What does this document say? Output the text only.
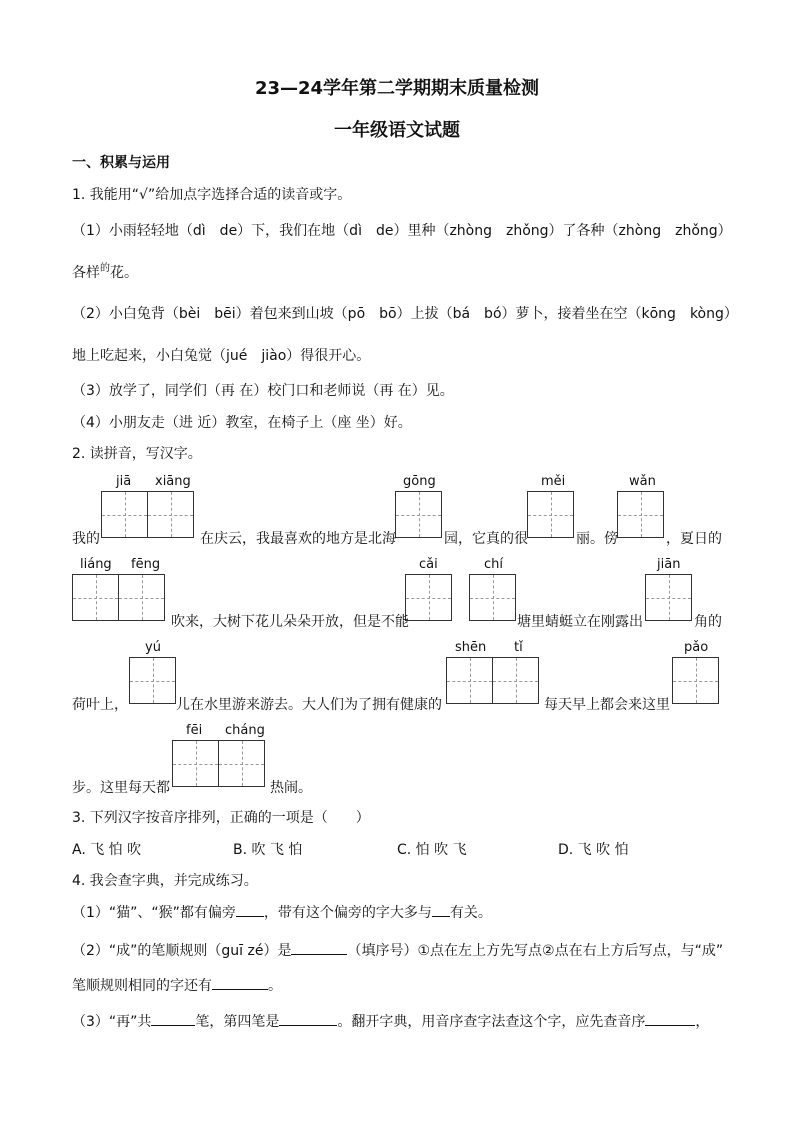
23—24学年第二学期期末质量检测
一年级语文试题
一、积累与运用
1. 我能用“√”给加点字选择合适的读音或字。
（1）小雨轻轻地（dì　de）下，我们在地（dì　de）里种（zhòng　zhǒng）了各种（zhòng　zhǒng）
各样$^的$花。
（2）小白兔背（bèi　bēi）着包来到山坡（pō　bō）上拔（bá　bó）萝卜，接着坐在空（kōng　kòng）
地上吃起来，小白兔觉（jué　jiào）得很开心。
（3）放学了，同学们（再 在）校门口和老师说（再 在）见。
（4）小朋友走（进 近）教室，在椅子上（座 坐）好。
2. 读拼音，写汉字。
jiā xiāng	gōng	měi	wǎn
我的	在庆云，我最喜欢的地方是北海	园，它真的很	丽。傍	，夏日的
liáng fēng	cǎi	chí	jiān
吹来，大树下花儿朵朵开放，但是不能	塘里蜻蜓立在刚露出	角的
yú	shēn tǐ	pǎo
荷叶上，	儿在水里游来游去。大人们为了拥有健康的	每天早上都会来这里
fēi cháng
步。这里每天都	热闹。
3. 下列汉字按音序排列，正确的一项是（　　）
A. 飞 怕 吹	B. 吹 飞 怕	C. 怕 吹 飞	D. 飞 吹 怕
4. 我会查字典，并完成练习。
（1）“猫”、“猴”都有偏旁 ，带有这个偏旁的字大多与 有关。
（2）“成”的笔顺规则（guī zé）是	（填序号）①点在左上方先写点②点在右上方后写点，与“成”
笔顺规则相同的字还有	。
（3）“再”共	笔，第四笔是	。翻开字典，用音序查字法查这个字，应先查音序	，
